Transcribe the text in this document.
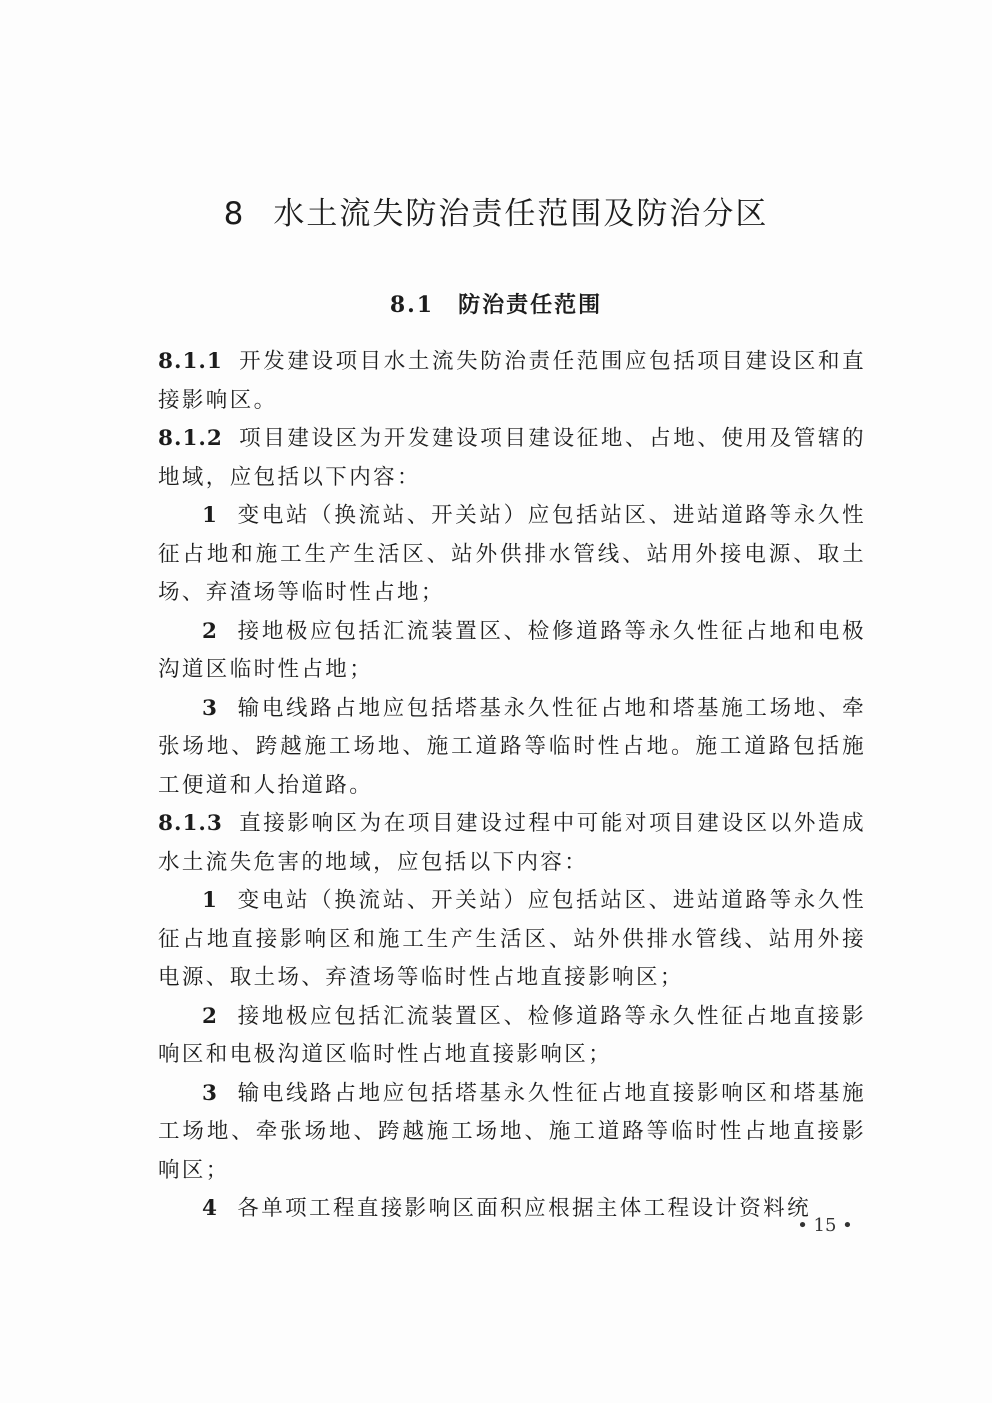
8 水土流失防治责任范围及防治分区
8.1 防治责任范围

8.1.1 开发建设项目水土流失防治责任范围应包括项目建设区和直接影响区。

8.1.2 项目建设区为开发建设项目建设征地、占地、使用及管辖的地域，应包括以下内容：

1 变电站（换流站、开关站）应包括站区、进站道路等永久性征占地和施工生产生活区、站外供排水管线、站用外接电源、取土场、弃渣场等临时性占地；

2 接地极应包括汇流装置区、检修道路等永久性征占地和电极沟道区临时性占地；

3 输电线路占地应包括塔基永久性征占地和塔基施工场地、牵张场地、跨越施工场地、施工道路等临时性占地。施工道路包括施工便道和人抬道路。

8.1.3 直接影响区为在项目建设过程中可能对项目建设区以外造成水土流失危害的地域，应包括以下内容：

1 变电站（换流站、开关站）应包括站区、进站道路等永久性征占地直接影响区和施工生产生活区、站外供排水管线、站用外接电源、取土场、弃渣场等临时性占地直接影响区；

2 接地极应包括汇流装置区、检修道路等永久性征占地直接影响区和电极沟道区临时性占地直接影响区；

3 输电线路占地应包括塔基永久性征占地直接影响区和塔基施工场地、牵张场地、跨越施工场地、施工道路等临时性占地直接影响区；

4 各单项工程直接影响区面积应根据主体工程设计资料统

• 15 •
